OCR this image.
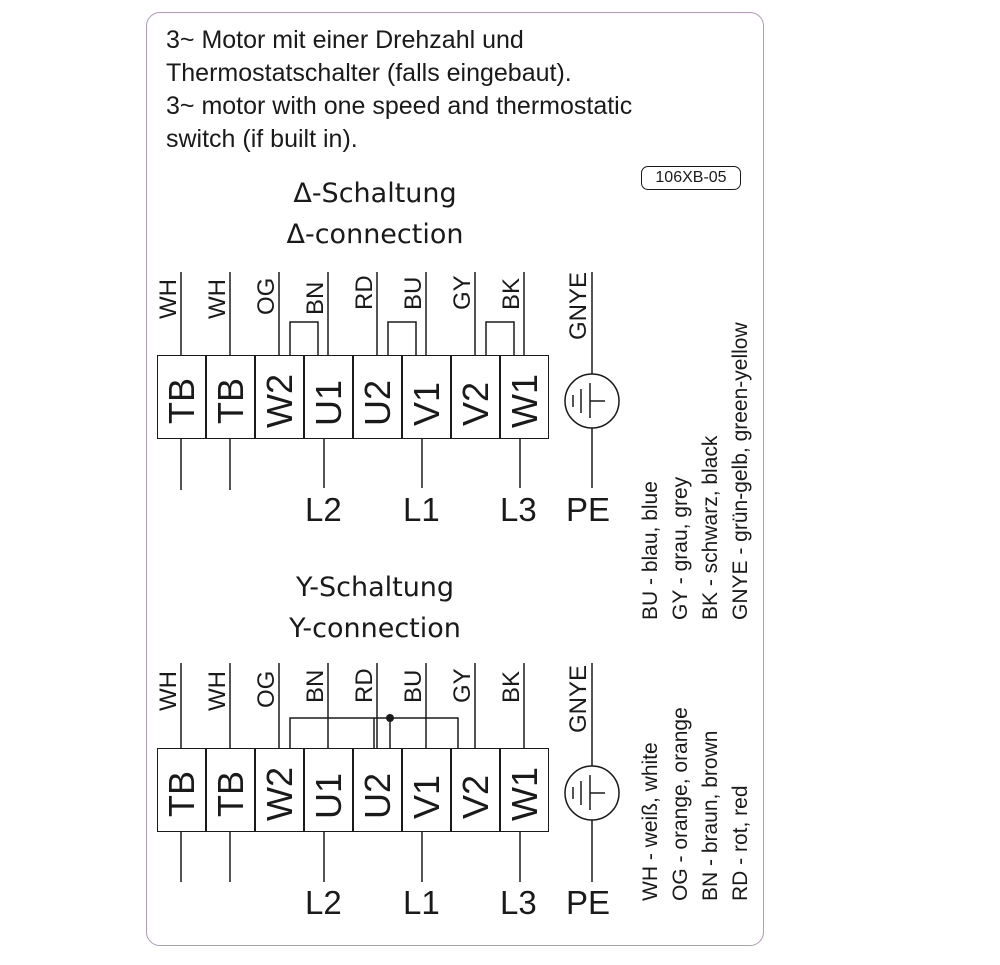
3~ Motor mit einer Drehzahl und
Thermostatschalter (falls eingebaut).
3~ motor with one speed and thermostatic
switch (if built in).
106XB-05
Δ-Schaltung
Δ-connection
Y-Schaltung
Y-connection
WH WH OG BN RD BU GY BK GNYE
TB TB W2 U1 U2 V1 V2 W1
L2 L1 L3 PE
WH WH OG BN RD BU GY BK GNYE
TB TB W2 U1 U2 V1 V2 W1
L2 L1 L3 PE
BU - blau, blue GY - grau, grey BK - schwarz, black GNYE - grün-gelb, green-yellow
WH - weiß, white OG - orange, orange BN - braun, brown RD - rot, red
